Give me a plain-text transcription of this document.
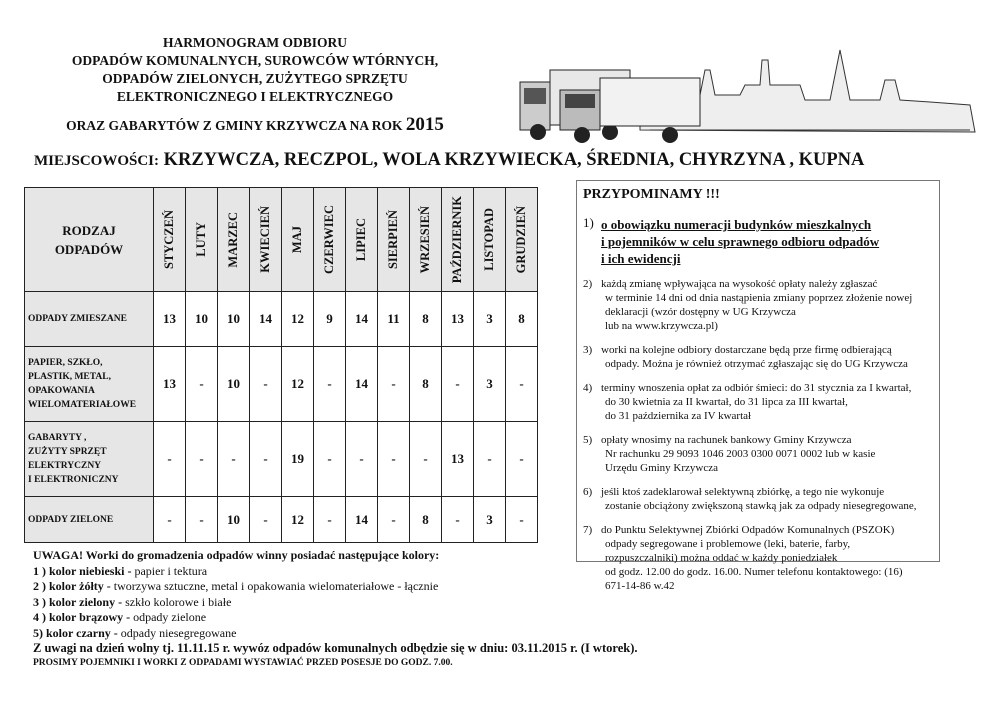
HARMONOGRAM ODBIORU
ODPADÓW KOMUNALNYCH, SUROWCÓW WTÓRNYCH,
ODPADÓW ZIELONYCH, ZUŻYTEGO SPRZĘTU
ELEKTRONICZNEGO I ELEKTRYCZNEGO
ORAZ GABARYTÓW Z GMINY KRZYWCZA NA ROK 2015
MIEJSCOWOŚCI: KRZYWCZA, RECZPOL, WOLA KRZYWIECKA, ŚREDNIA, CHYRZYNA , KUPNA
RODZAJ
ODPADÓW	STYCZEŃ	LUTY	MARZEC	KWIECIEŃ	MAJ	CZERWIEC	LIPIEC	SIERPIEŃ	WRZESIEŃ	PAŹDZIERNIK	LISTOPAD	GRUDZIEŃ

ODPADY ZMIESZANE	13	10	10	14	12	9	14	11	8	13	3	8

PAPIER, SZKŁO,
PLASTIK, METAL,
OPAKOWANIA
WIELOMATERIAŁOWE	13	-	10	-	12	-	14	-	8	-	3	-

GABARYTY ,
ZUŻYTY SPRZĘT
ELEKTRYCZNY
I ELEKTRONICZNY	-	-	-	-	19	-	-	-	-	13	-	-

ODPADY ZIELONE	-	-	10	-	12	-	14	-	8	-	3	-
PRZYPOMINAMY !!!
1) o obowiązku numeracji budynków mieszkalnych
i pojemników w celu sprawnego odbioru odpadów
i ich ewidencji
2) każdą zmianę wpływająca na wysokość opłaty należy zgłaszać
w terminie 14 dni od dnia nastąpienia zmiany poprzez złożenie nowej
deklaracji (wzór dostępny w UG Krzywcza
lub na www.krzywcza.pl)
3) worki na kolejne odbiory dostarczane będą prze firmę odbierającą
odpady. Można je również otrzymać zgłaszając się do UG Krzywcza
4) terminy wnoszenia opłat za odbiór śmieci: do 31 stycznia za I kwartał,
do 30 kwietnia za II kwartał, do 31 lipca za III kwartał,
do 31 października za IV kwartał
5) opłaty wnosimy na rachunek bankowy Gminy Krzywcza
Nr rachunku 29 9093 1046 2003 0300 0071 0002 lub w kasie
Urzędu Gminy Krzywcza
6) jeśli ktoś zadeklarował selektywną zbiórkę, a tego nie wykonuje
zostanie obciążony zwiększoną stawką jak za odpady niesegregowane,
7) do Punktu Selektywnej Zbiórki Odpadów Komunalnych (PSZOK)
odpady segregowane i problemowe (leki, baterie, farby,
rozpuszczalniki) można oddać w każdy poniedziałek
od godz. 12.00 do godz. 16.00. Numer telefonu kontaktowego: (16)
671-14-86 w.42
UWAGA! Worki do gromadzenia odpadów winny posiadać następujące kolory:
1 ) kolor niebieski - papier i tektura
2 ) kolor żółty - tworzywa sztuczne, metal i opakowania wielomateriałowe - łącznie
3 ) kolor zielony - szkło kolorowe i białe
4 ) kolor brązowy - odpady zielone
5) kolor czarny - odpady niesegregowane
Z uwagi na dzień wolny tj. 11.11.15 r. wywóz odpadów komunalnych odbędzie się w dniu: 03.11.2015 r. (I wtorek).
PROSIMY POJEMNIKI I WORKI Z ODPADAMI WYSTAWIAĆ PRZED POSESJE DO GODZ. 7.00.
